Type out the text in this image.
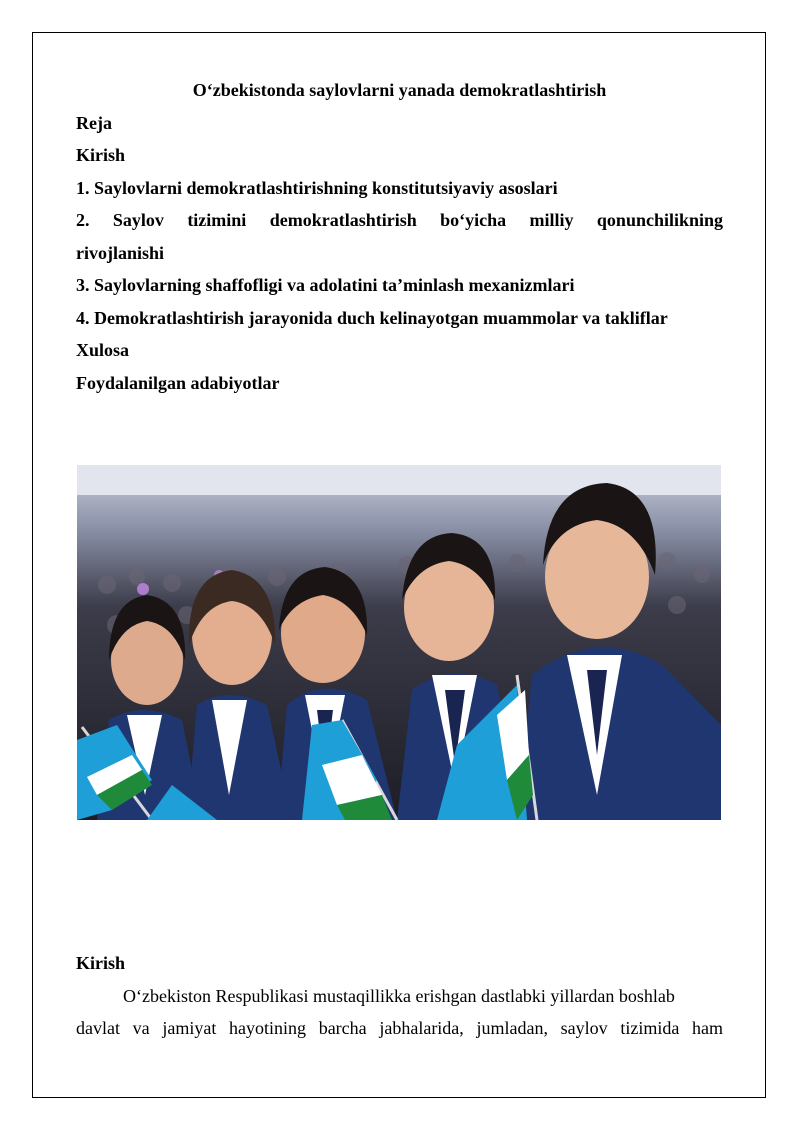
O‘zbekistonda saylovlarni yanada demokratlashtirish

Reja

Kirish

1. Saylovlarni demokratlashtirishning konstitutsiyaviy asoslari

2. Saylov tizimini demokratlashtirish bo‘yicha milliy qonunchilikning

rivojlanishi

3. Saylovlarning shaffofligi va adolatini ta’minlash mexanizmlari

4. Demokratlashtirish jarayonida duch kelinayotgan muammolar va takliflar

Xulosa

Foydalanilgan adabiyotlar

Kirish

O‘zbekiston Respublikasi mustaqillikka erishgan dastlabki yillardan boshlab

davlat va jamiyat hayotining barcha jabhalarida, jumladan, saylov tizimida ham
